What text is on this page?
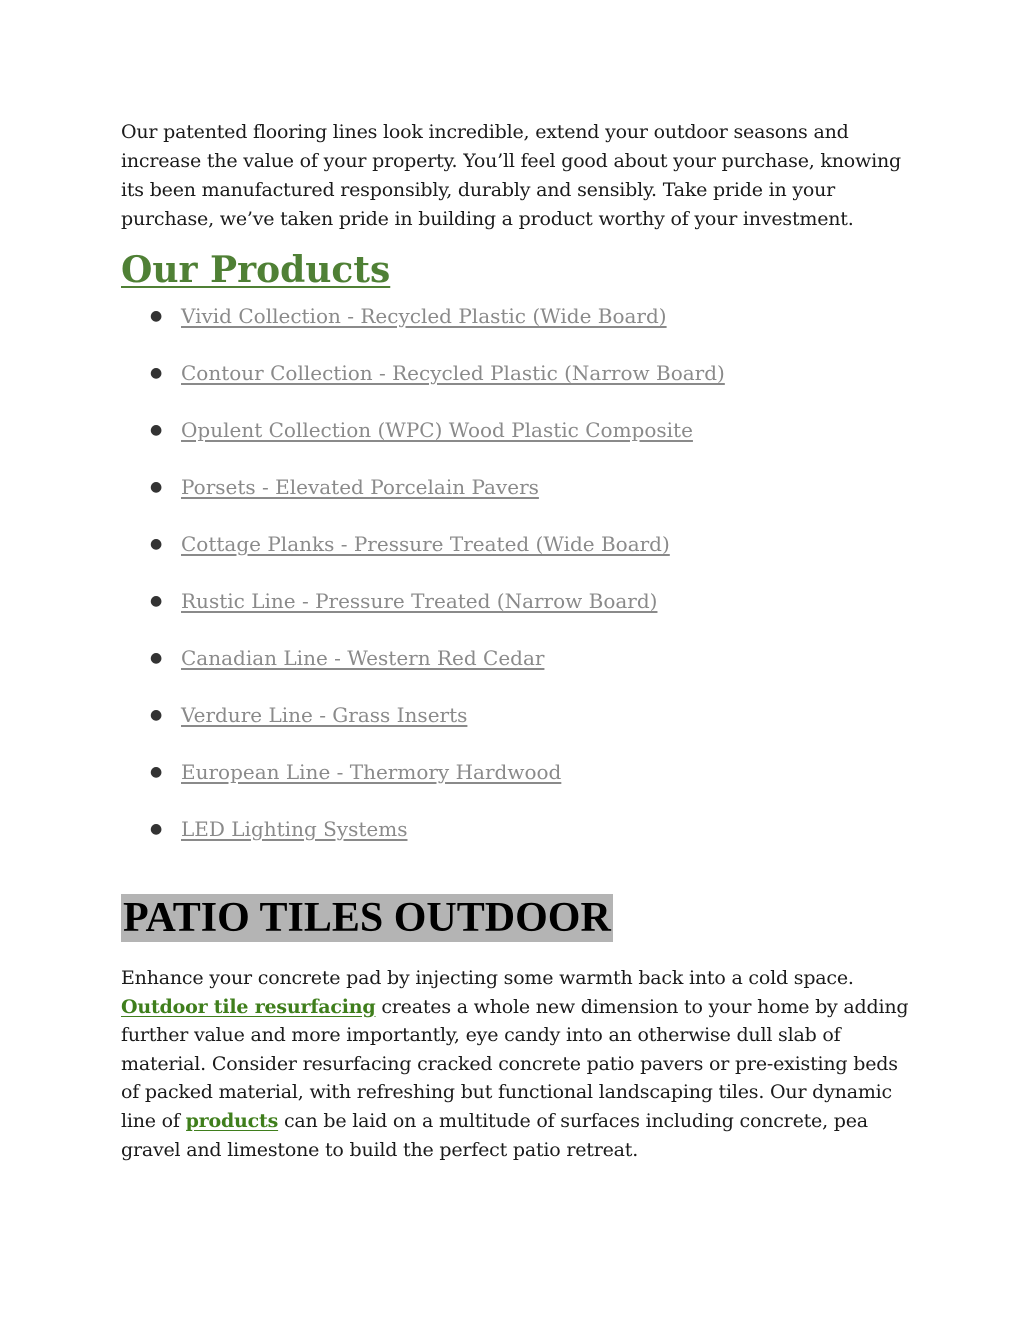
Our patented flooring lines look incredible, extend your outdoor seasons and increase the value of your property. You’ll feel good about your purchase, knowing its been manufactured responsibly, durably and sensibly. Take pride in your purchase, we’ve taken pride in building a product worthy of your investment.

Our Products
● Vivid Collection - Recycled Plastic (Wide Board)
● Contour Collection - Recycled Plastic (Narrow Board)
● Opulent Collection (WPC) Wood Plastic Composite
● Porsets - Elevated Porcelain Pavers
● Cottage Planks - Pressure Treated (Wide Board)
● Rustic Line - Pressure Treated (Narrow Board)
● Canadian Line - Western Red Cedar
● Verdure Line - Grass Inserts
● European Line - Thermory Hardwood
● LED Lighting Systems
PATIO TILES OUTDOOR

Enhance your concrete pad by injecting some warmth back into a cold space. Outdoor tile resurfacing creates a whole new dimension to your home by adding further value and more importantly, eye candy into an otherwise dull slab of material. Consider resurfacing cracked concrete patio pavers or pre-existing beds of packed material, with refreshing but functional landscaping tiles. Our dynamic line of products can be laid on a multitude of surfaces including concrete, pea gravel and limestone to build the perfect patio retreat.
